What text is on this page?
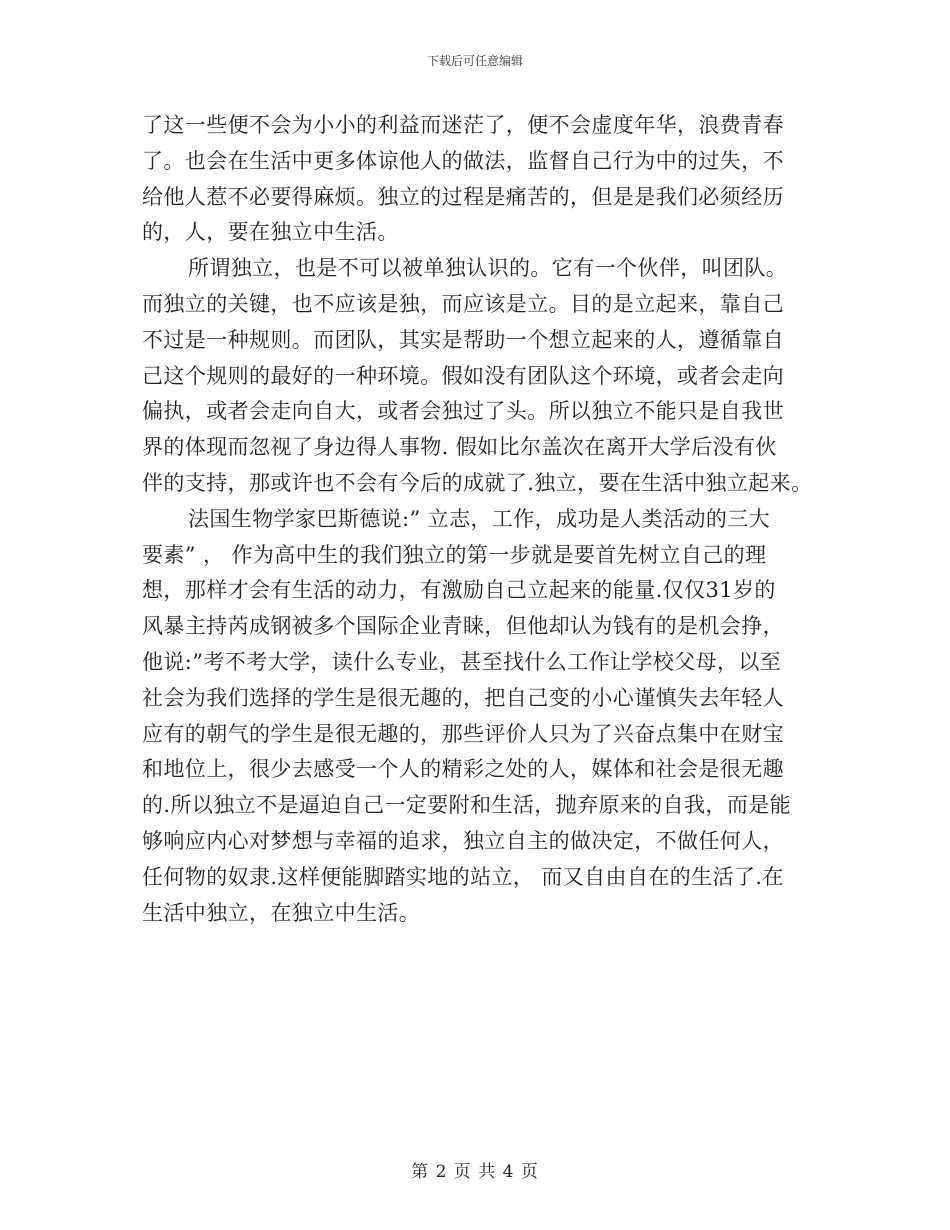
下载后可任意编辑
了这一些便不会为小小的利益而迷茫了，便不会虚度年华，浪费青春
了。也会在生活中更多体谅他人的做法，监督自己行为中的过失，不
给他人惹不必要得麻烦。独立的过程是痛苦的，但是是我们必须经历
的，人，要在独立中生活。
所谓独立，也是不可以被单独认识的。它有一个伙伴，叫团队。
而独立的关键，也不应该是独，而应该是立。目的是立起来，靠自己
不过是一种规则。而团队，其实是帮助一个想立起来的人，遵循靠自
己这个规则的最好的一种环境。假如没有团队这个环境，或者会走向
偏执，或者会走向自大，或者会独过了头。所以独立不能只是自我世
界的体现而忽视了身边得人事物. 假如比尔盖次在离开大学后没有伙
伴的支持，那或许也不会有今后的成就了.独立，要在生活中独立起来。
法国生物学家巴斯德说:” 立志，工作，成功是人类活动的三大
要素” ， 作为高中生的我们独立的第一步就是要首先树立自己的理
想，那样才会有生活的动力，有激励自己立起来的能量.仅仅31岁的
风暴主持芮成钢被多个国际企业青睐，但他却认为钱有的是机会挣，
他说:”考不考大学，读什么专业，甚至找什么工作让学校父母，以至
社会为我们选择的学生是很无趣的，把自己变的小心谨慎失去年轻人
应有的朝气的学生是很无趣的，那些评价人只为了兴奋点集中在财宝
和地位上，很少去感受一个人的精彩之处的人，媒体和社会是很无趣
的.所以独立不是逼迫自己一定要附和生活，抛弃原来的自我，而是能
够响应内心对梦想与幸福的追求，独立自主的做决定，不做任何人，
任何物的奴隶.这样便能脚踏实地的站立， 而又自由自在的生活了.在
生活中独立，在独立中生活。
第 2 页 共 4 页
